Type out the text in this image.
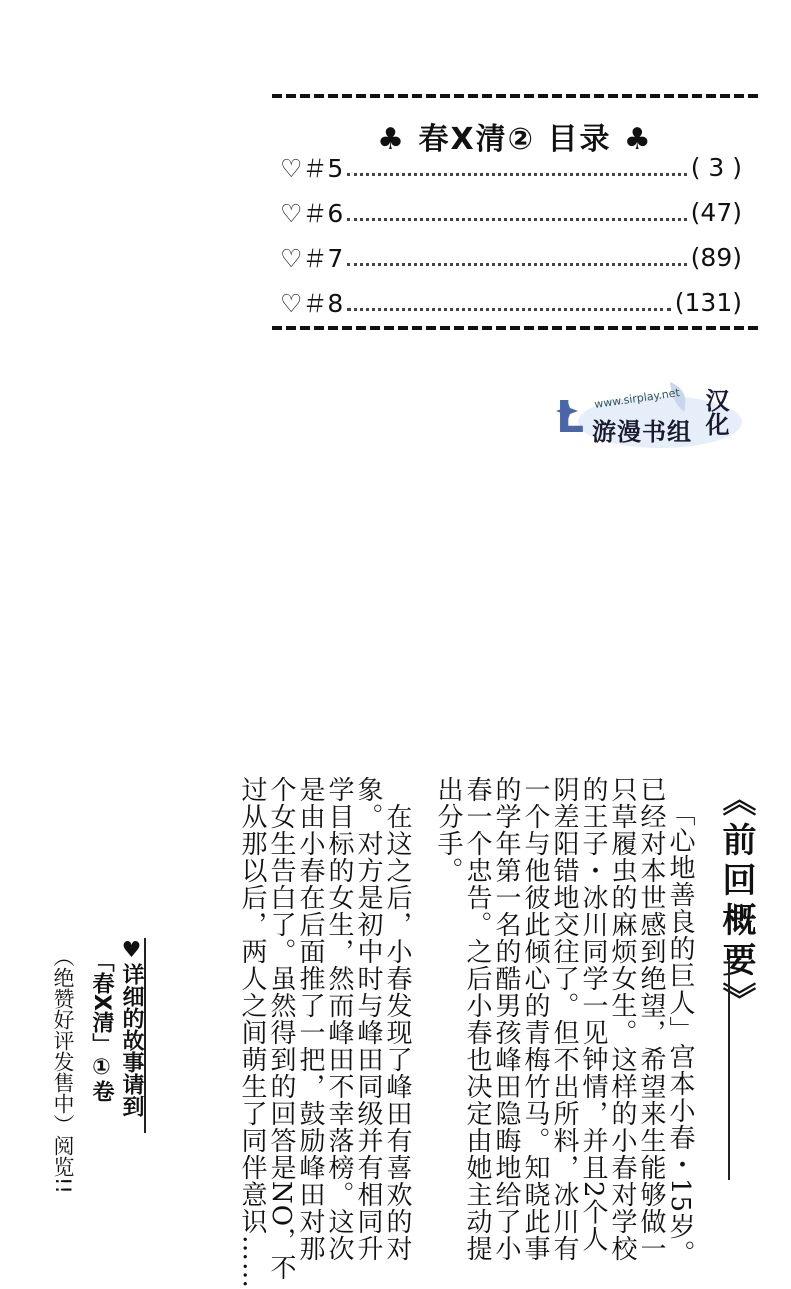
♣ 春X清② 目录 ♣
♡＃5	( 3 )
♡＃6	(47)
♡＃7	(89)
♡＃8	(131)
L www.sirplay.net
游漫书组 汉化
《前回概要》
「心地善良的巨人」宫本小春・15岁。
已经对本世感到绝望，希望来生能够做一
只草履虫的麻烦女生。这样的小春对学校
的王子・冰川同学一见钟情，并且2个人
阴差阳错地交往了。但不出所料，冰川有
一个与他彼此倾心的青梅竹马。知晓此事
的学年第一名的酷男孩峰田隐晦地给了小
春一个忠告。之后小春也决定由她主动提
出分手。
　在这之后，小春发现了峰田有喜欢的对
象。对方是初中时与峰田同级并有相同升
学目标的女生，然而峰田不幸落榜。这次
是由小春在后面推了一把，鼓励峰田对那
个女生告白了。虽然得到的回答是NO，不
过从那以后，两人之间萌生了同伴意识……
♥详细的故事请到
「春X清」①卷
（绝赞好评发售中）阅览!!
